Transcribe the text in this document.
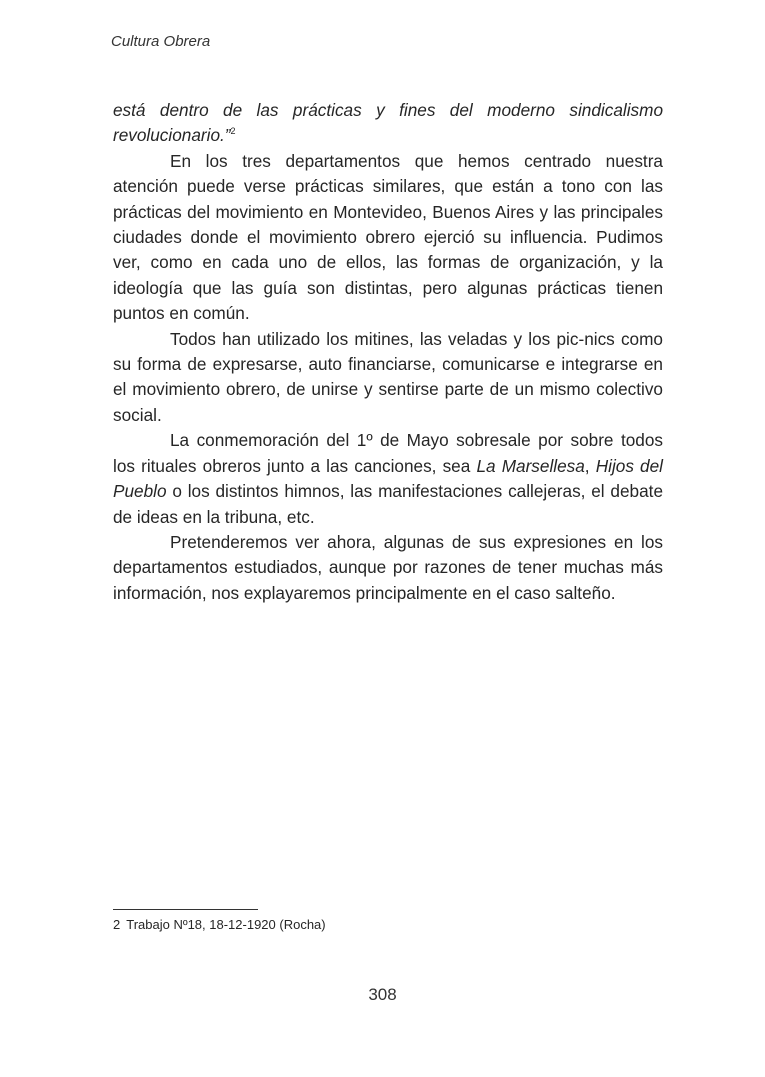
Cultura Obrera

está dentro de las prácticas y fines del moderno sindicalismo revolucionario.”$^2$

En los tres departamentos que hemos centrado nuestra atención puede verse prácticas similares, que están a tono con las prácticas del movimiento en Montevideo, Buenos Aires y las principales ciudades donde el movimiento obrero ejerció su influencia. Pudimos ver, como en cada uno de ellos, las formas de organización, y la ideología que las guía son distintas, pero algunas prácticas tienen puntos en común.

Todos han utilizado los mitines, las veladas y los pic-nics como su forma de expresarse, auto financiarse, comunicarse e integrarse en el movimiento obrero, de unirse y sentirse parte de un mismo colectivo social.

La conmemoración del 1º de Mayo sobresale por sobre todos los rituales obreros junto a las canciones, sea La Marsellesa, Hijos del Pueblo o los distintos himnos, las manifestaciones callejeras, el debate de ideas en la tribuna, etc.

Pretenderemos ver ahora, algunas de sus expresiones en los departamentos estudiados, aunque por razones de tener muchas más información, nos explayaremos principalmente en el caso salteño.

2 Trabajo Nº18, 18-12-1920 (Rocha)
308
